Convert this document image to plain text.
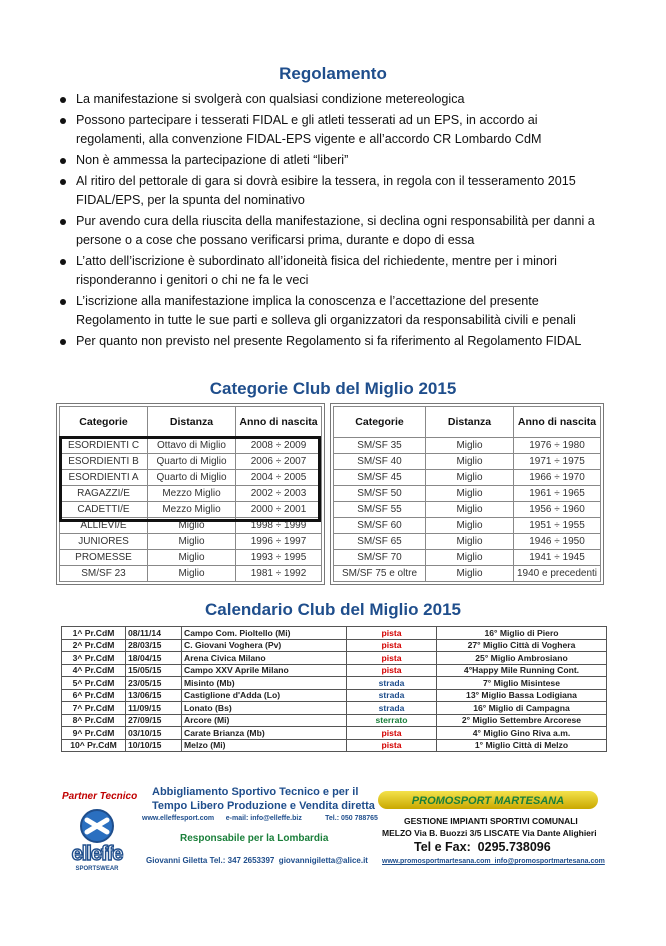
Regolamento
La manifestazione si svolgerà con qualsiasi condizione metereologica
Possono partecipare i tesserati FIDAL e gli atleti tesserati ad un EPS, in accordo ai regolamenti, alla convenzione FIDAL-EPS vigente e all’accordo CR Lombardo CdM
Non è ammessa la partecipazione di atleti “liberi”
Al ritiro del pettorale di gara si dovrà esibire la tessera, in regola con il tesseramento 2015 FIDAL/EPS, per la spunta del nominativo
Pur avendo cura della riuscita della manifestazione, si declina ogni responsabilità per danni a persone o a cose che possano verificarsi prima, durante e dopo di essa
L’atto dell’iscrizione è subordinato all’idoneità fisica del richiedente, mentre per i minori risponderanno i genitori o chi ne fa le veci
L’iscrizione alla manifestazione implica la conoscenza e l’accettazione del presente Regolamento in tutte le sue parti e solleva gli organizzatori da responsabilità civili e penali
Per quanto non previsto nel presente Regolamento si fa riferimento al Regolamento FIDAL
Categorie Club del Miglio 2015
Categorie	Distanza	Anno di nascita
ESORDIENTI C	Ottavo di Miglio	2008 ÷ 2009
ESORDIENTI B	Quarto di Miglio	2006 ÷ 2007
ESORDIENTI A	Quarto di Miglio	2004 ÷ 2005
RAGAZZI/E	Mezzo Miglio	2002 ÷ 2003
CADETTI/E	Mezzo Miglio	2000 ÷ 2001
ALLIEVI/E	Miglio	1998 ÷ 1999
JUNIORES	Miglio	1996 ÷ 1997
PROMESSE	Miglio	1993 ÷ 1995
SM/SF 23	Miglio	1981 ÷ 1992
Categorie	Distanza	Anno di nascita
SM/SF 35	Miglio	1976 ÷ 1980
SM/SF 40	Miglio	1971 ÷ 1975
SM/SF 45	Miglio	1966 ÷ 1970
SM/SF 50	Miglio	1961 ÷ 1965
SM/SF 55	Miglio	1956 ÷ 1960
SM/SF 60	Miglio	1951 ÷ 1955
SM/SF 65	Miglio	1946 ÷ 1950
SM/SF 70	Miglio	1941 ÷ 1945
SM/SF 75 e oltre	Miglio	1940 e precedenti
Calendario Club del Miglio 2015
1^ Pr.CdM	08/11/14	Campo Com. Pioltello (Mi)	pista	16° Miglio di Piero
2^ Pr.CdM	28/03/15	C. Giovani Voghera (Pv)	pista	27° Miglio Città di Voghera
3^ Pr.CdM	18/04/15	Arena Civica Milano	pista	25° Miglio Ambrosiano
4^ Pr.CdM	15/05/15	Campo XXV Aprile Milano	pista	4°Happy Mile Running Cont.
5^ Pr.CdM	23/05/15	Misinto (Mb)	strada	7° Miglio Misintese
6^ Pr.CdM	13/06/15	Castiglione d'Adda (Lo)	strada	13° Miglio Bassa Lodigiana
7^ Pr.CdM	11/09/15	Lonato (Bs)	strada	16° Miglio di Campagna
8^ Pr.CdM	27/09/15	Arcore (Mi)	sterrato	2° Miglio Settembre Arcorese
9^ Pr.CdM	03/10/15	Carate Brianza (Mb)	pista	4° Miglio Gino Riva a.m.
10^ Pr.CdM	10/10/15	Melzo (Mi)	pista	1° Miglio Città di Melzo
Partner Tecnico
elleffe
SPORTSWEAR
Abbigliamento Sportivo Tecnico e per il
Tempo Libero Produzione e Vendita diretta
www.elleffesport.com      e-mail: info@elleffe.biz            Tel.: 050 788765
Responsabile per la Lombardia
Giovanni Giletta Tel.: 347 2653397  giovannigiletta@alice.it
PROMOSPORT MARTESANA
GESTIONE IMPIANTI SPORTIVI COMUNALI
MELZO Via B. Buozzi 3/5 LISCATE Via Dante Alighieri
Tel e Fax:  0295.738096
www.promosportmartesana.com  info@promosportmartesana.com
